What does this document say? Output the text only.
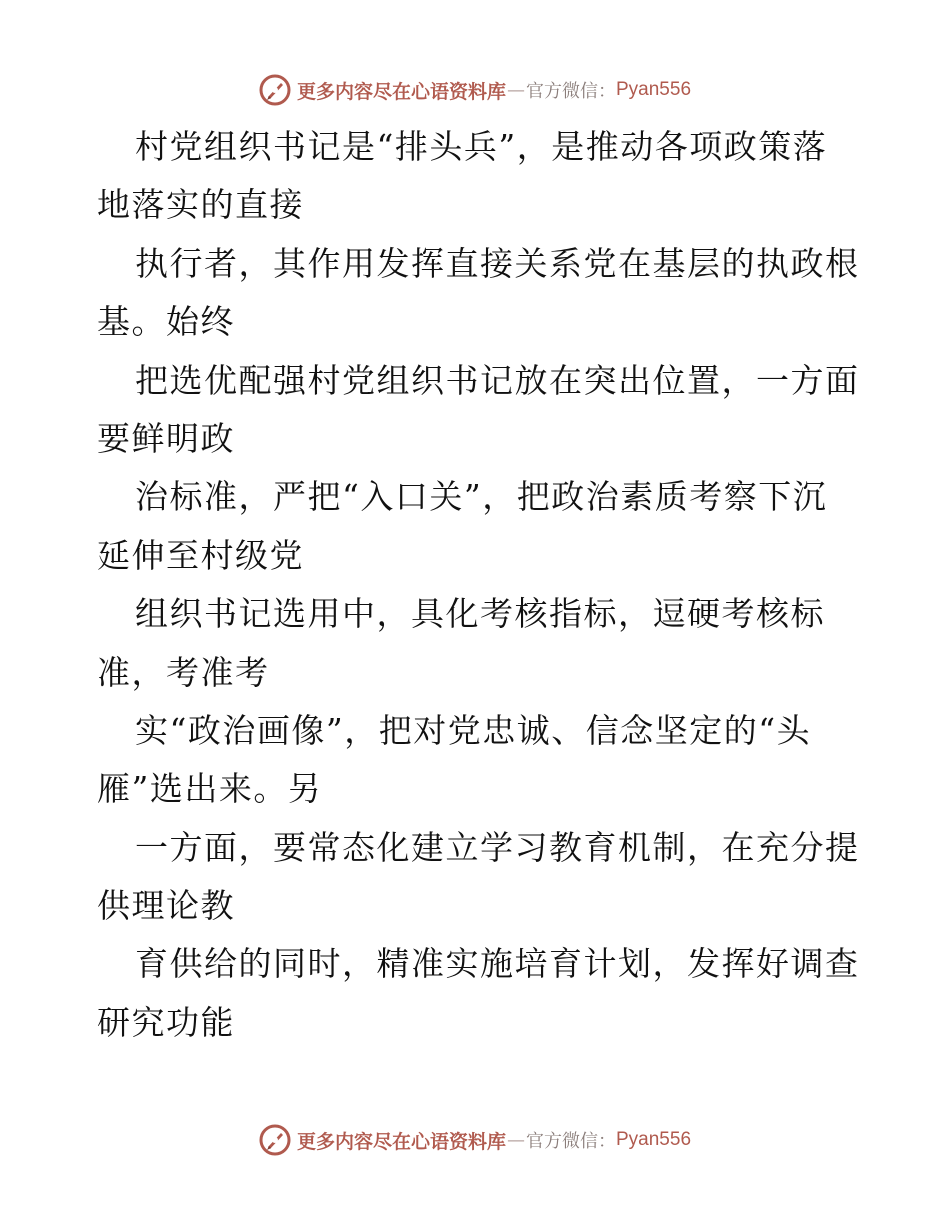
更多内容尽在心语资料库 — 官方微信： Pyan556
村党组织书记是“排头兵”，是推动各项政策落
地落实的直接
执行者，其作用发挥直接关系党在基层的执政根
基。始终
把选优配强村党组织书记放在突出位置，一方面
要鲜明政
治标准，严把“入口关”，把政治素质考察下沉
延伸至村级党
组织书记选用中，具化考核指标，逗硬考核标
准，考准考
实“政治画像”，把对党忠诚、信念坚定的“头
雁”选出来。另
一方面，要常态化建立学习教育机制，在充分提
供理论教
育供给的同时，精准实施培育计划，发挥好调查
研究功能
更多内容尽在心语资料库 — 官方微信： Pyan556
